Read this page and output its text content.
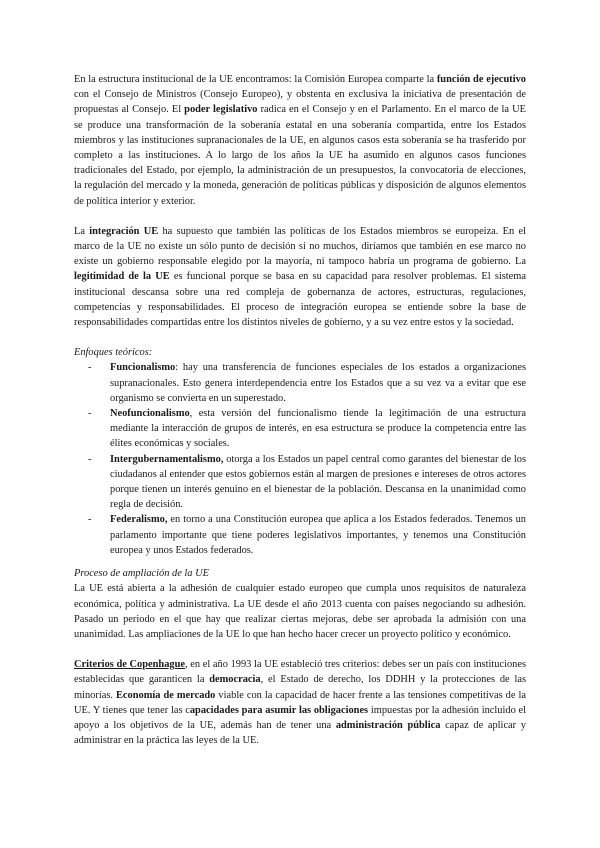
En la estructura institucional de la UE encontramos: la Comisión Europea comparte la función de ejecutivo con el Consejo de Ministros (Consejo Europeo), y obstenta en exclusiva la iniciativa de presentación de propuestas al Consejo. El poder legislativo radica en el Consejo y en el Parlamento. En el marco de la UE se produce una transformación de la soberanía estatal en una soberanía compartida, entre los Estados miembros y las instituciones supranacionales de la UE, en algunos casos esta soberanía se ha trasferido por completo a las instituciones. A lo largo de los años la UE ha asumido en algunos casos funciones tradicionales del Estado, por ejemplo, la administración de un presupuestos, la convocatoria de elecciones, la regulación del mercado y la moneda, generación de políticas públicas y disposición de algunos elementos de política interior y exterior.

La integración UE ha supuesto que también las políticas de los Estados miembros se europeiza. En el marco de la UE no existe un sólo punto de decisión si no muchos, diríamos que también en ese marco no existe un gobierno responsable elegido por la mayoría, ni tampoco habría un programa de gobierno. La legitimidad de la UE es funcional porque se basa en su capacidad para resolver problemas. El sistema institucional descansa sobre una red compleja de gobernanza de actores, estructuras, regulaciones, competencias y responsabilidades. El proceso de integración europea se entiende sobre la base de responsabilidades compartidas entre los distintos niveles de gobierno, y a su vez entre estos y la sociedad.

Enfoques teóricos:

- Funcionalismo: hay una transferencia de funciones especiales de los estados a organizaciones supranacionales. Esto genera interdependencia entre los Estados que a su vez va a evitar que ese organismo se convierta en un superestado.
- Neofuncionalismo, esta versión del funcionalismo tiende la legitimación de una estructura mediante la interacción de grupos de interés, en esa estructura se produce la competencia entre las élites económicas y sociales.
- Intergubernamentalismo, otorga a los Estados un papel central como garantes del bienestar de los ciudadanos al entender que estos gobiernos están al margen de presiones e intereses de otros actores porque tienen un interés genuino en el bienestar de la población. Descansa en la unanimidad como regla de decisión.
- Federalismo, en torno a una Constitución europea que aplica a los Estados federados. Tenemos un parlamento importante que tiene poderes legislativos importantes, y tenemos una Constitución europea y unos Estados federados.

Proceso de ampliación de la UE

La UE está abierta a la adhesión de cualquier estado europeo que cumpla unos requisitos de naturaleza económica, política y administrativa. La UE desde el año 2013 cuenta con países negociando su adhesión. Pasado un periodo en el que hay que realizar ciertas mejoras, debe ser aprobada la admisión con una unanimidad. Las ampliaciones de la UE lo que han hecho hacer crecer un proyecto político y económico.

Criterios de Copenhague, en el año 1993 la UE estableció tres criterios: debes ser un país con instituciones establecidas que garanticen la democracia, el Estado de derecho, los DDHH y la protecciones de las minorías. Economía de mercado viable con la capacidad de hacer frente a las tensiones competitivas de la UE. Y tienes que tener las capacidades para asumir las obligaciones impuestas por la adhesión incluido el apoyo a los objetivos de la UE, además han de tener una administración pública capaz de aplicar y administrar en la práctica las leyes de la UE.
